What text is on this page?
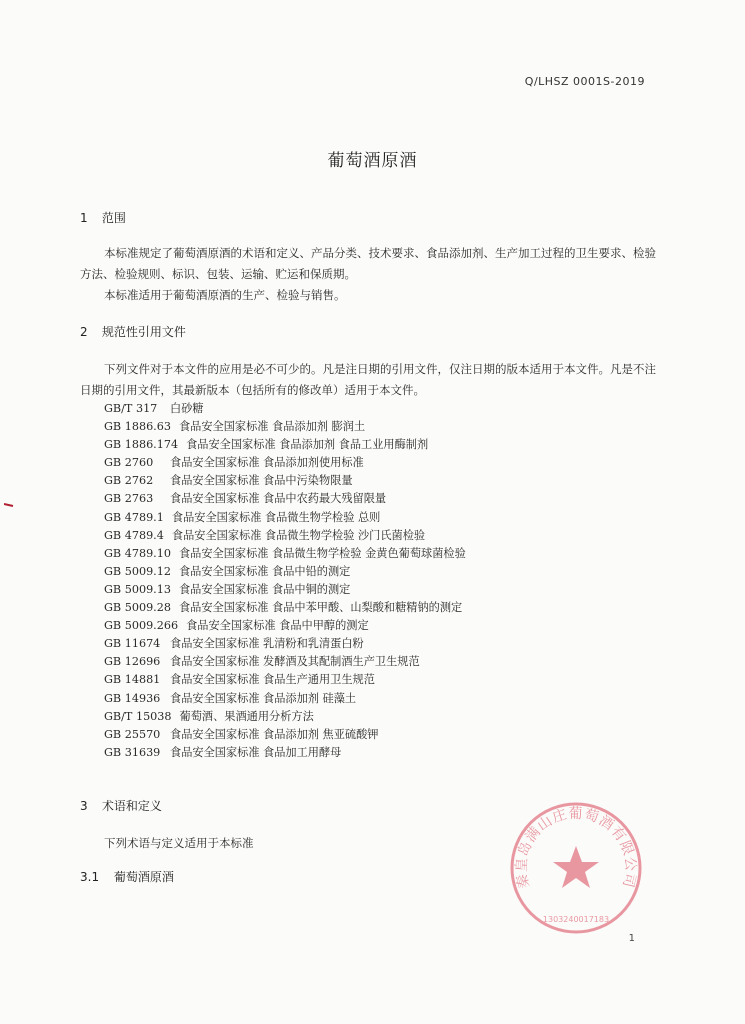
Q/LHSZ 0001S-2019
葡萄酒原酒
1 范围
本标准规定了葡萄酒原酒的术语和定义、产品分类、技术要求、食品添加剂、生产加工过程的卫生要求、检验方法、检验规则、标识、包装、运输、贮运和保质期。
本标准适用于葡萄酒原酒的生产、检验与销售。
2 规范性引用文件
下列文件对于本文件的应用是必不可少的。凡是注日期的引用文件，仅注日期的版本适用于本文件。凡是不注日期的引用文件，其最新版本（包括所有的修改单）适用于本文件。
GB/T 317 白砂糖
GB 1886.63 食品安全国家标准 食品添加剂 膨润土
GB 1886.174 食品安全国家标准 食品添加剂 食品工业用酶制剂
GB 2760 食品安全国家标准 食品添加剂使用标准
GB 2762 食品安全国家标准 食品中污染物限量
GB 2763 食品安全国家标准 食品中农药最大残留限量
GB 4789.1 食品安全国家标准 食品微生物学检验 总则
GB 4789.4 食品安全国家标准 食品微生物学检验 沙门氏菌检验
GB 4789.10 食品安全国家标准 食品微生物学检验 金黄色葡萄球菌检验
GB 5009.12 食品安全国家标准 食品中铅的测定
GB 5009.13 食品安全国家标准 食品中铜的测定
GB 5009.28 食品安全国家标准 食品中苯甲酸、山梨酸和糖精钠的测定
GB 5009.266 食品安全国家标准 食品中甲醇的测定
GB 11674 食品安全国家标准 乳清粉和乳清蛋白粉
GB 12696 食品安全国家标准 发酵酒及其配制酒生产卫生规范
GB 14881 食品安全国家标准 食品生产通用卫生规范
GB 14936 食品安全国家标准 食品添加剂 硅藻土
GB/T 15038 葡萄酒、果酒通用分析方法
GB 25570 食品安全国家标准 食品添加剂 焦亚硫酸钾
GB 31639 食品安全国家标准 食品加工用酵母
3 术语和定义
下列术语与定义适用于本标准
3.1 葡萄酒原酒
1
秦皇岛满山庄葡萄酒有限公司
1303240017183
